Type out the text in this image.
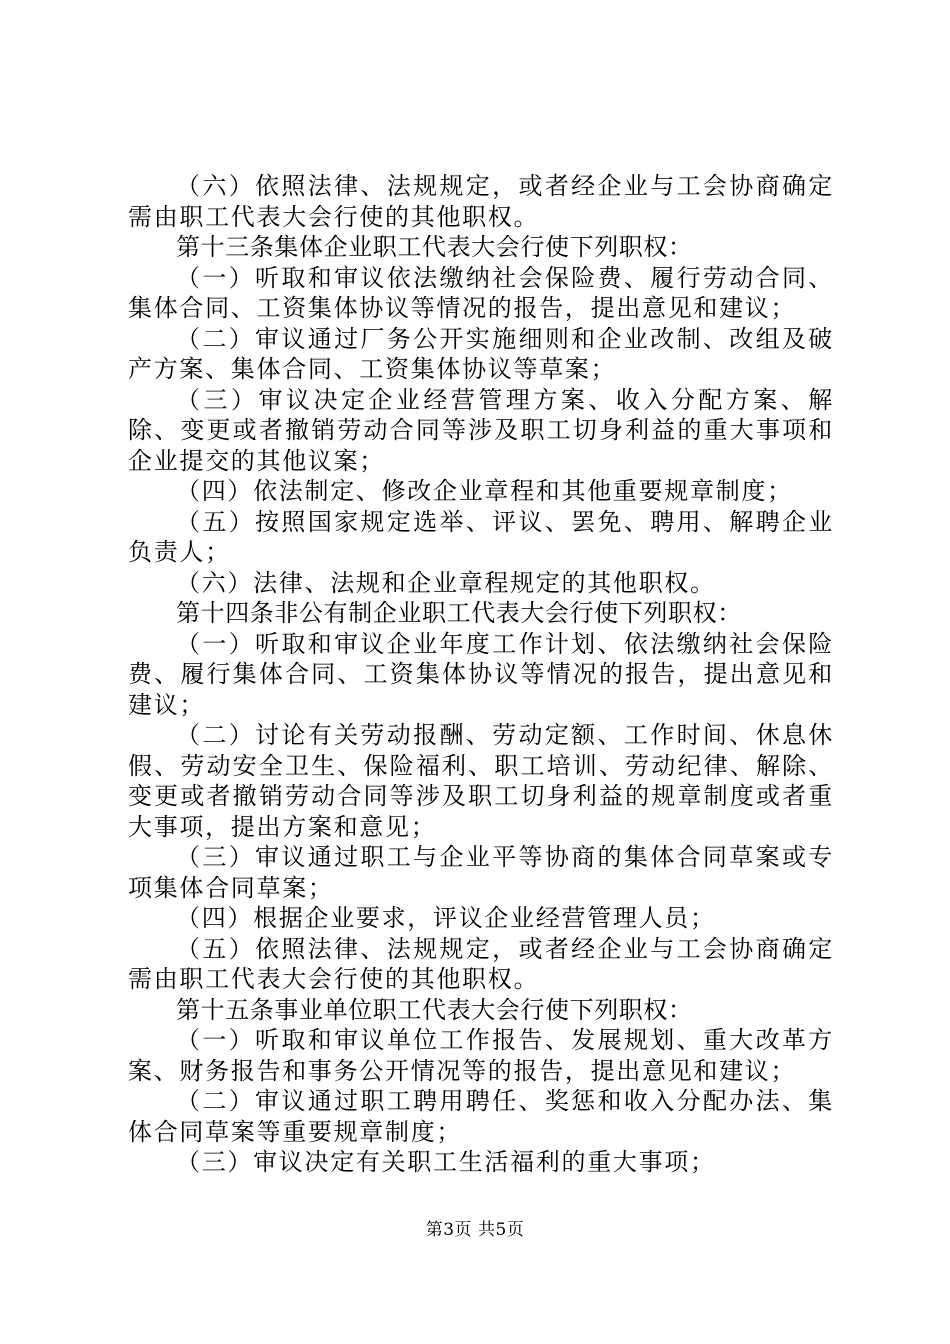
（六）依照法律、法规规定，或者经企业与工会协商确定需由职工代表大会行使的其他职权。

第十三条集体企业职工代表大会行使下列职权：

（一）听取和审议依法缴纳社会保险费、履行劳动合同、集体合同、工资集体协议等情况的报告，提出意见和建议；

（二）审议通过厂务公开实施细则和企业改制、改组及破产方案、集体合同、工资集体协议等草案；

（三）审议决定企业经营管理方案、收入分配方案、解除、变更或者撤销劳动合同等涉及职工切身利益的重大事项和企业提交的其他议案；

（四）依法制定、修改企业章程和其他重要规章制度；

（五）按照国家规定选举、评议、罢免、聘用、解聘企业负责人；

（六）法律、法规和企业章程规定的其他职权。

第十四条非公有制企业职工代表大会行使下列职权：

（一）听取和审议企业年度工作计划、依法缴纳社会保险费、履行集体合同、工资集体协议等情况的报告，提出意见和建议；

（二）讨论有关劳动报酬、劳动定额、工作时间、休息休假、劳动安全卫生、保险福利、职工培训、劳动纪律、解除、变更或者撤销劳动合同等涉及职工切身利益的规章制度或者重大事项，提出方案和意见；

（三）审议通过职工与企业平等协商的集体合同草案或专项集体合同草案；

（四）根据企业要求，评议企业经营管理人员；

（五）依照法律、法规规定，或者经企业与工会协商确定需由职工代表大会行使的其他职权。

第十五条事业单位职工代表大会行使下列职权：

（一）听取和审议单位工作报告、发展规划、重大改革方案、财务报告和事务公开情况等的报告，提出意见和建议；

（二）审议通过职工聘用聘任、奖惩和收入分配办法、集体合同草案等重要规章制度；

（三）审议决定有关职工生活福利的重大事项；

第3页 共5页
